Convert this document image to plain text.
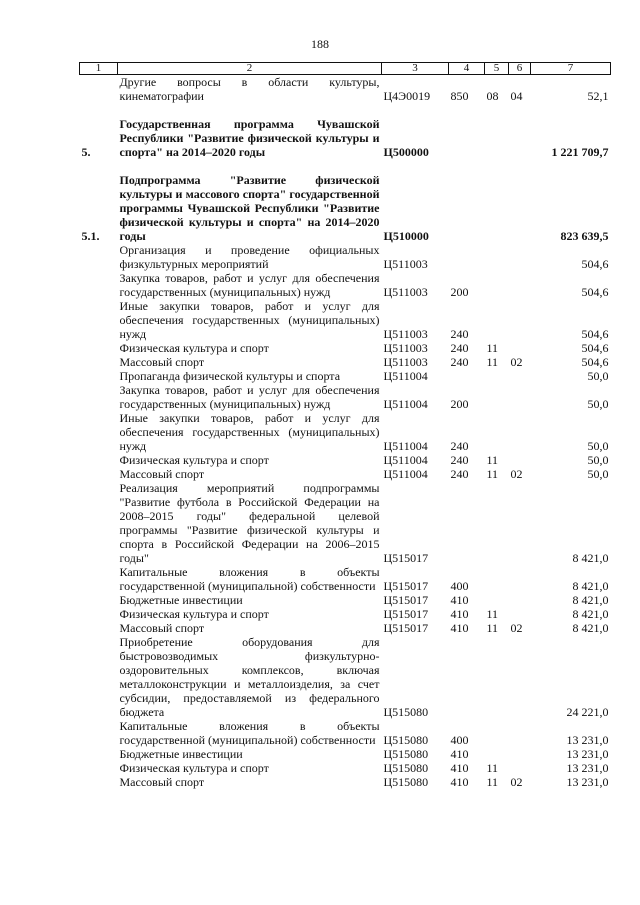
188
1	2	3	4	5	6	7
	Другие вопросы в области культуры, кинематографии	Ц4Э0019	850	08	04	52,1

5.	Государственная программа Чувашской Республики "Развитие физической культуры и спорта" на 2014–2020 годы	Ц500000				1 221 709,7

5.1.	Подпрограмма "Развитие физической культуры и массового спорта" государственной программы Чувашской Республики "Развитие физической культуры и спорта" на 2014–2020 годы	Ц510000				823 639,5
	Организация и проведение официальных физкультурных мероприятий	Ц511003				504,6
	Закупка товаров, работ и услуг для обеспечения государственных (муниципальных) нужд	Ц511003	200			504,6
	Иные закупки товаров, работ и услуг для обеспечения государственных (муниципальных) нужд	Ц511003	240			504,6
	Физическая культура и спорт	Ц511003	240	11		504,6
	Массовый спорт	Ц511003	240	11	02	504,6
	Пропаганда физической культуры и спорта	Ц511004				50,0
	Закупка товаров, работ и услуг для обеспечения государственных (муниципальных) нужд	Ц511004	200			50,0
	Иные закупки товаров, работ и услуг для обеспечения государственных (муниципальных) нужд	Ц511004	240			50,0
	Физическая культура и спорт	Ц511004	240	11		50,0
	Массовый спорт	Ц511004	240	11	02	50,0
	Реализация мероприятий подпрограммы "Развитие футбола в Российской Федерации на 2008–2015 годы" федеральной целевой программы "Развитие физической культуры и спорта в Российской Федерации на 2006–2015 годы"	Ц515017				8 421,0
	Капитальные вложения в объекты государственной (муниципальной) собственности	Ц515017	400			8 421,0
	Бюджетные инвестиции	Ц515017	410			8 421,0
	Физическая культура и спорт	Ц515017	410	11		8 421,0
	Массовый спорт	Ц515017	410	11	02	8 421,0
	Приобретение оборудования для быстровозводимых физкультурно-оздоровительных комплексов, включая металлоконструкции и металлоизделия, за счет субсидии, предоставляемой из федерального бюджета	Ц515080				24 221,0
	Капитальные вложения в объекты государственной (муниципальной) собственности	Ц515080	400			13 231,0
	Бюджетные инвестиции	Ц515080	410			13 231,0
	Физическая культура и спорт	Ц515080	410	11		13 231,0
	Массовый спорт	Ц515080	410	11	02	13 231,0
